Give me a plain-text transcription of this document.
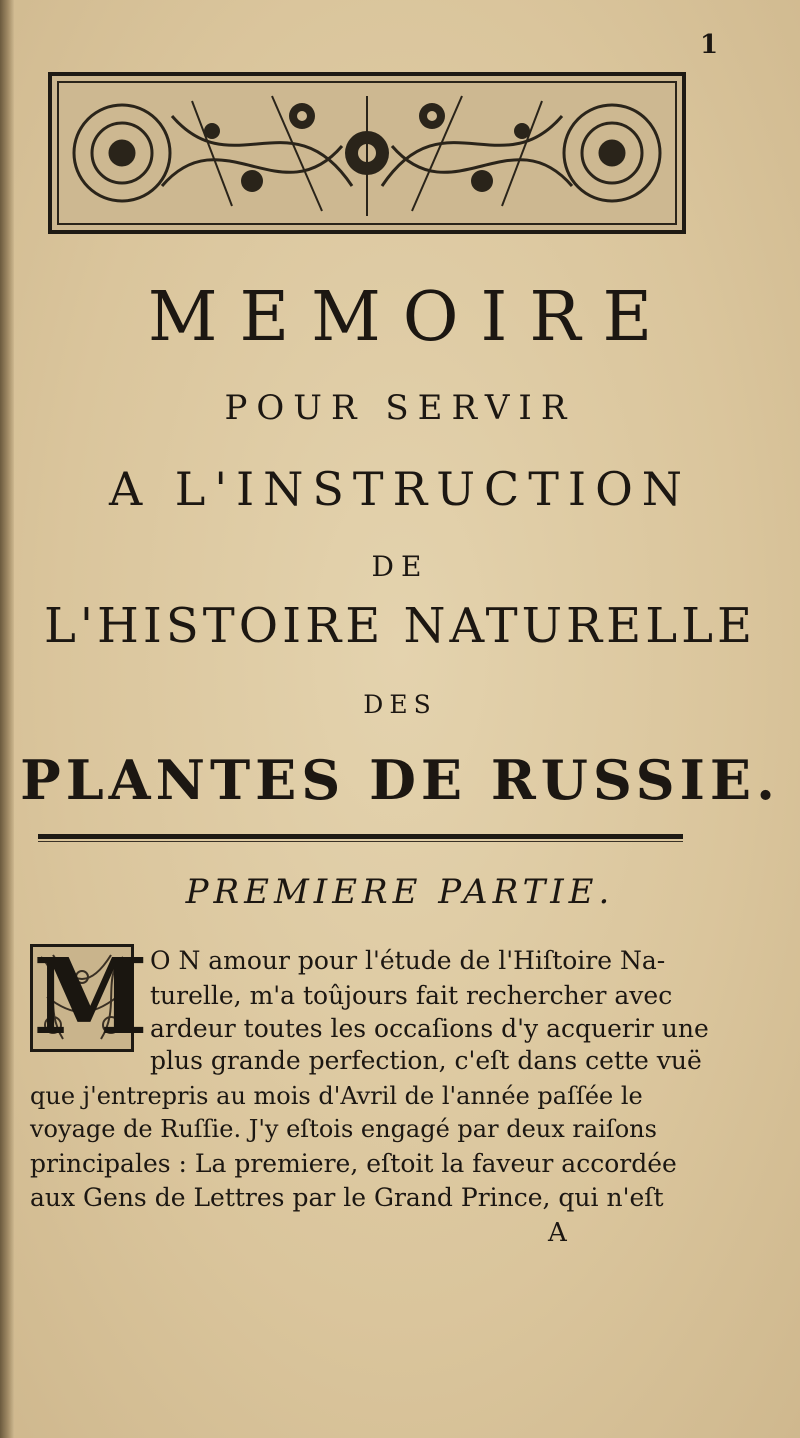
1
MEMOIRE
POUR SERVIR
A L'INSTRUCTION
DE
L'HISTOIRE NATURELLE
DES
PLANTES DE RUSSIE.
PREMIERE PARTIE.
M O N amour pour l'étude de l'Hiſtoire Na-
turelle, m'a toûjours fait rechercher avec
ardeur toutes les occaſions d'y acquerir une
plus grande perfection, c'eſt dans cette vuë
que j'entrepris au mois d'Avril de l'année paſſée le
voyage de Ruſſie. J'y eſtois engagé par deux raiſons
principales : La premiere, eſtoit la faveur accordée
aux Gens de Lettres par le Grand Prince, qui n'eſt
A
